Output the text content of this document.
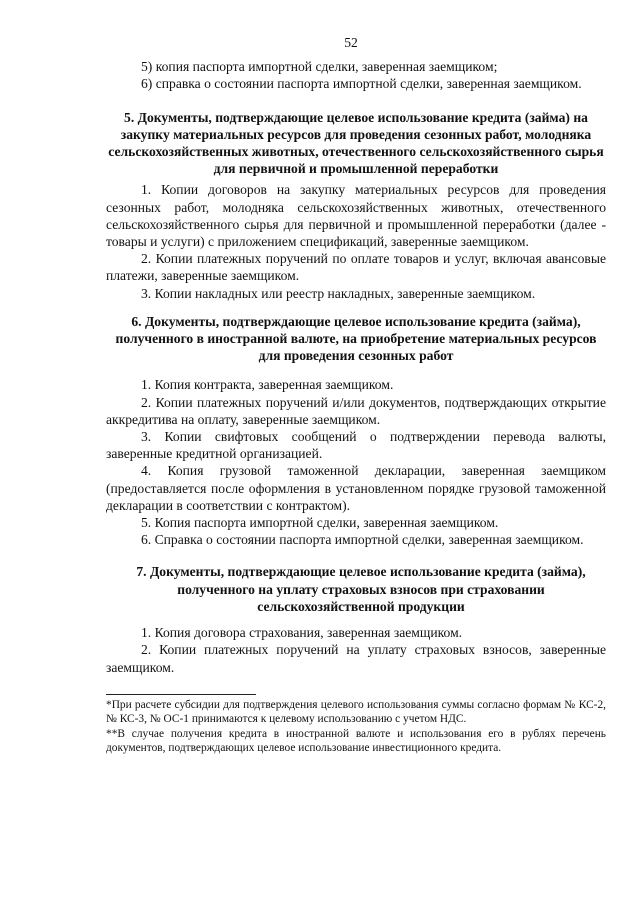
52

5) копия паспорта импортной сделки, заверенная заемщиком;

6) справка о состоянии паспорта импортной сделки, заверенная заемщиком.

5. Документы, подтверждающие целевое использование кредита (займа) на закупку материальных ресурсов для проведения сезонных работ, молодняка сельскохозяйственных животных, отечественного сельскохозяйственного сырья для первичной и промышленной переработки

1. Копии договоров на закупку материальных ресурсов для проведения сезонных работ, молодняка сельскохозяйственных животных, отечественного сельскохозяйственного сырья для первичной и промышленной переработки (далее - товары и услуги) с приложением спецификаций, заверенные заемщиком.

2. Копии платежных поручений по оплате товаров и услуг, включая авансовые платежи, заверенные заемщиком.

3. Копии накладных или реестр накладных, заверенные заемщиком.

6. Документы, подтверждающие целевое использование кредита (займа), полученного в иностранной валюте, на приобретение материальных ресурсов для проведения сезонных работ

1. Копия контракта, заверенная заемщиком.

2. Копии платежных поручений и/или документов, подтверждающих открытие аккредитива на оплату, заверенные заемщиком.

3. Копии свифтовых сообщений о подтверждении перевода валюты, заверенные кредитной организацией.

4. Копия грузовой таможенной декларации, заверенная заемщиком (предоставляется после оформления в установленном порядке грузовой таможенной декларации в соответствии с контрактом).

5. Копия паспорта импортной сделки, заверенная заемщиком.

6. Справка о состоянии паспорта импортной сделки, заверенная заемщиком.

7. Документы, подтверждающие целевое использование кредита (займа), полученного на уплату страховых взносов при страховании сельскохозяйственной продукции

1. Копия договора страхования, заверенная заемщиком.

2. Копии платежных поручений на уплату страховых взносов, заверенные заемщиком.

*При расчете субсидии для подтверждения целевого использования суммы согласно формам № КС-2, № КС-3, № ОС-1 принимаются к целевому использованию с учетом НДС.

**В случае получения кредита в иностранной валюте и использования его в рублях перечень документов, подтверждающих целевое использование инвестиционного кредита.
